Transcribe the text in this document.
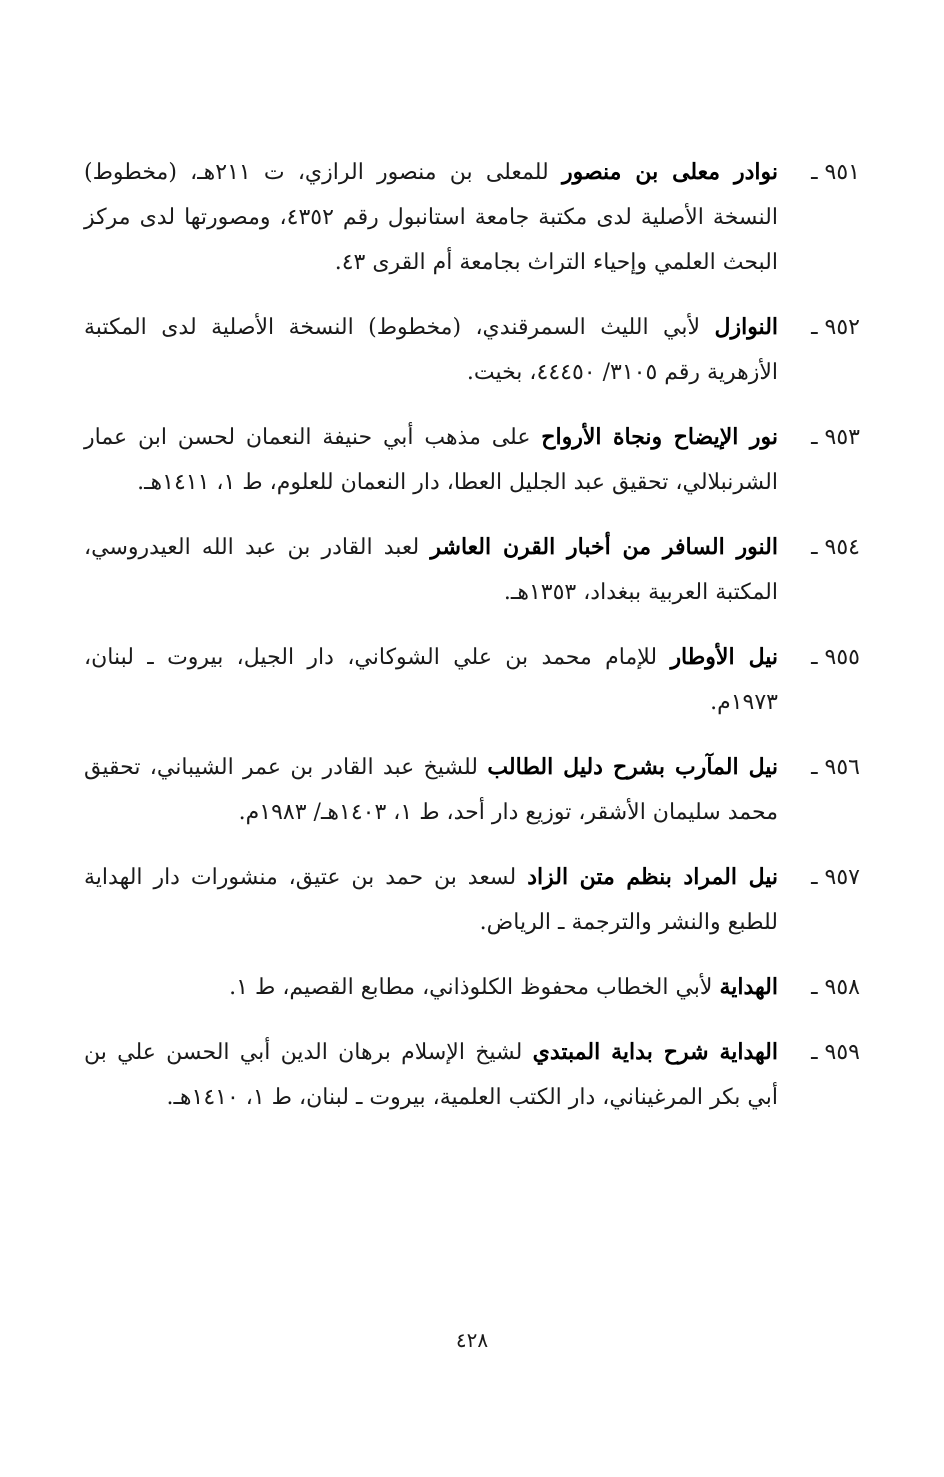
٩٥١ ـ
نوادر معلى بن منصور للمعلى بن منصور الرازي، ت ٢١١هـ، (مخطوط) النسخة الأصلية لدى مكتبة جامعة استانبول رقم ٤٣٥٢، ومصورتها لدى مركز البحث العلمي وإحياء التراث بجامعة أم القرى ٤٣.
٩٥٢ ـ
النوازل لأبي الليث السمرقندي، (مخطوط) النسخة الأصلية لدى المكتبة الأزهرية رقم ٣١٠٥/ ٤٤٤٥٠، بخيت.
٩٥٣ ـ
نور الإيضاح ونجاة الأرواح على مذهب أبي حنيفة النعمان لحسن ابن عمار الشرنبلالي، تحقيق عبد الجليل العطا، دار النعمان للعلوم، ط ١، ١٤١١هـ.
٩٥٤ ـ
النور السافر من أخبار القرن العاشر لعبد القادر بن عبد الله العيدروسي، المكتبة العربية ببغداد، ١٣٥٣هـ.
٩٥٥ ـ
نيل الأوطار للإمام محمد بن علي الشوكاني، دار الجيل، بيروت ـ لبنان، ١٩٧٣م.
٩٥٦ ـ
نيل المآرب بشرح دليل الطالب للشيخ عبد القادر بن عمر الشيباني، تحقيق محمد سليمان الأشقر، توزيع دار أحد، ط ١، ١٤٠٣هـ/ ١٩٨٣م.
٩٥٧ ـ
نيل المراد بنظم متن الزاد لسعد بن حمد بن عتيق، منشورات دار الهداية للطبع والنشر والترجمة ـ الرياض.
٩٥٨ ـ
الهداية لأبي الخطاب محفوظ الكلوذاني، مطابع القصيم، ط ١.
٩٥٩ ـ
الهداية شرح بداية المبتدي لشيخ الإسلام برهان الدين أبي الحسن علي بن أبي بكر المرغيناني، دار الكتب العلمية، بيروت ـ لبنان، ط ١، ١٤١٠هـ.
٤٢٨
